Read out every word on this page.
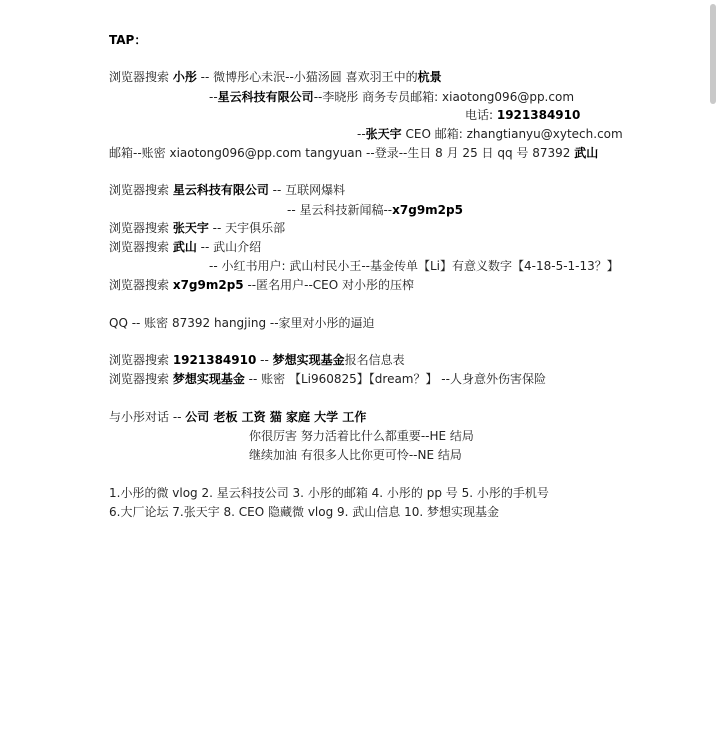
TAP：
浏览器搜索 小彤 -- 微博彤心未泯--小猫汤圆 喜欢羽王中的杭景
--星云科技有限公司--李晓彤 商务专员邮箱: xiaotong096@pp.com
电话: 1921384910
--张天宇 CEO 邮箱: zhangtianyu@xytech.com
邮箱--账密 xiaotong096@pp.com tangyuan --登录--生日 8 月 25 日 qq 号 87392 武山
浏览器搜索 星云科技有限公司 -- 互联网爆料
-- 星云科技新闻稿--x7g9m2p5
浏览器搜索 张天宇 -- 天宇俱乐部
浏览器搜索 武山 -- 武山介绍
-- 小红书用户: 武山村民小王--基金传单【Li】有意义数字【4-18-5-1-13？】
浏览器搜索 x7g9m2p5 --匿名用户--CEO 对小彤的压榨
QQ -- 账密 87392 hangjing --家里对小彤的逼迫
浏览器搜索 1921384910 -- 梦想实现基金报名信息表
浏览器搜索 梦想实现基金 -- 账密 【Li960825】【dream？】 --人身意外伤害保险
与小彤对话 -- 公司 老板 工资 猫 家庭 大学 工作
你很厉害 努力活着比什么都重要--HE 结局
继续加油 有很多人比你更可怜--NE 结局
1.小彤的微 vlog 2. 星云科技公司 3. 小彤的邮箱 4. 小彤的 pp 号 5. 小彤的手机号
6.大厂论坛 7.张天宇 8. CEO 隐藏微 vlog 9. 武山信息 10. 梦想实现基金
